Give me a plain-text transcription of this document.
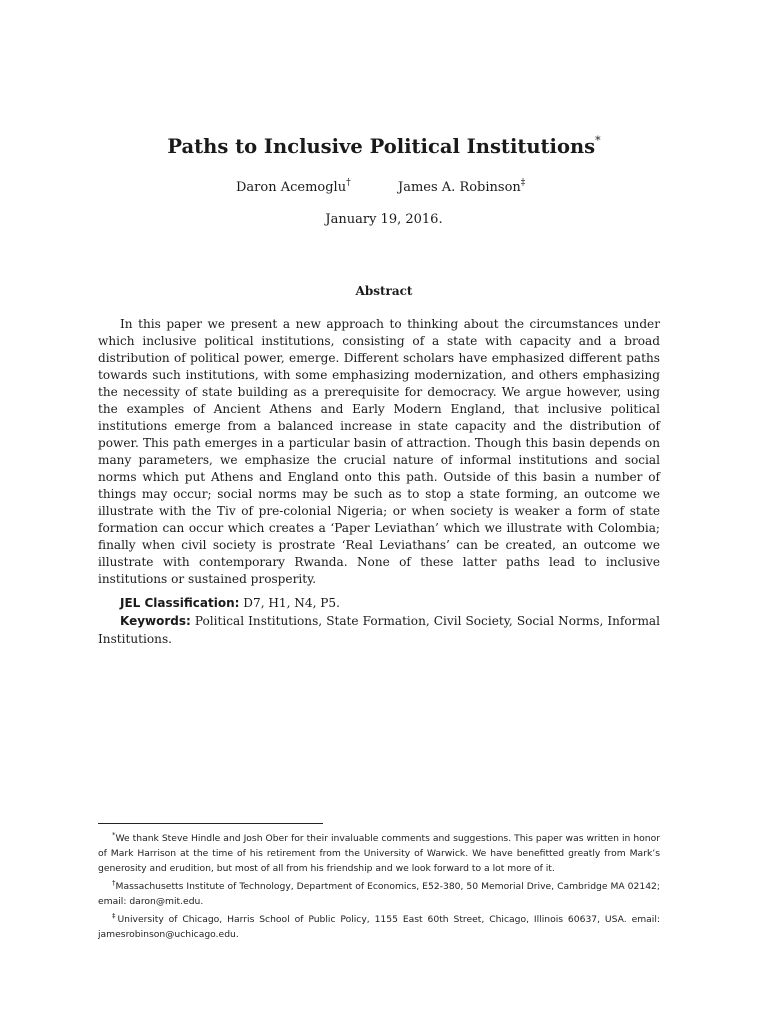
Paths to Inclusive Political Institutions*
Daron Acemoglu†	James A. Robinson‡
January 19, 2016.
Abstract

In this paper we present a new approach to thinking about the circumstances under which inclusive political institutions, consisting of a state with capacity and a broad distribution of political power, emerge. Different scholars have emphasized different paths towards such institutions, with some emphasizing modernization, and others emphasizing the necessity of state building as a prerequisite for democracy. We argue however, using the examples of Ancient Athens and Early Modern England, that inclusive political institutions emerge from a balanced increase in state capacity and the distribution of power. This path emerges in a particular basin of attraction. Though this basin depends on many parameters, we emphasize the crucial nature of informal institutions and social norms which put Athens and England onto this path. Outside of this basin a number of things may occur; social norms may be such as to stop a state forming, an outcome we illustrate with the Tiv of pre-colonial Nigeria; or when society is weaker a form of state formation can occur which creates a ‘Paper Leviathan’ which we illustrate with Colombia; finally when civil society is prostrate ‘Real Leviathans’ can be created, an outcome we illustrate with contemporary Rwanda. None of these latter paths lead to inclusive institutions or sustained prosperity.

JEL Classification: D7, H1, N4, P5.

Keywords: Political Institutions, State Formation, Civil Society, Social Norms, Informal Institutions.

*We thank Steve Hindle and Josh Ober for their invaluable comments and suggestions. This paper was written in honor of Mark Harrison at the time of his retirement from the University of Warwick. We have benefitted greatly from Mark’s generosity and erudition, but most of all from his friendship and we look forward to a lot more of it.

†Massachusetts Institute of Technology, Department of Economics, E52-380, 50 Memorial Drive, Cambridge MA 02142; email: daron@mit.edu.

‡University of Chicago, Harris School of Public Policy, 1155 East 60th Street, Chicago, Illinois 60637, USA. email: jamesrobinson@uchicago.edu.
